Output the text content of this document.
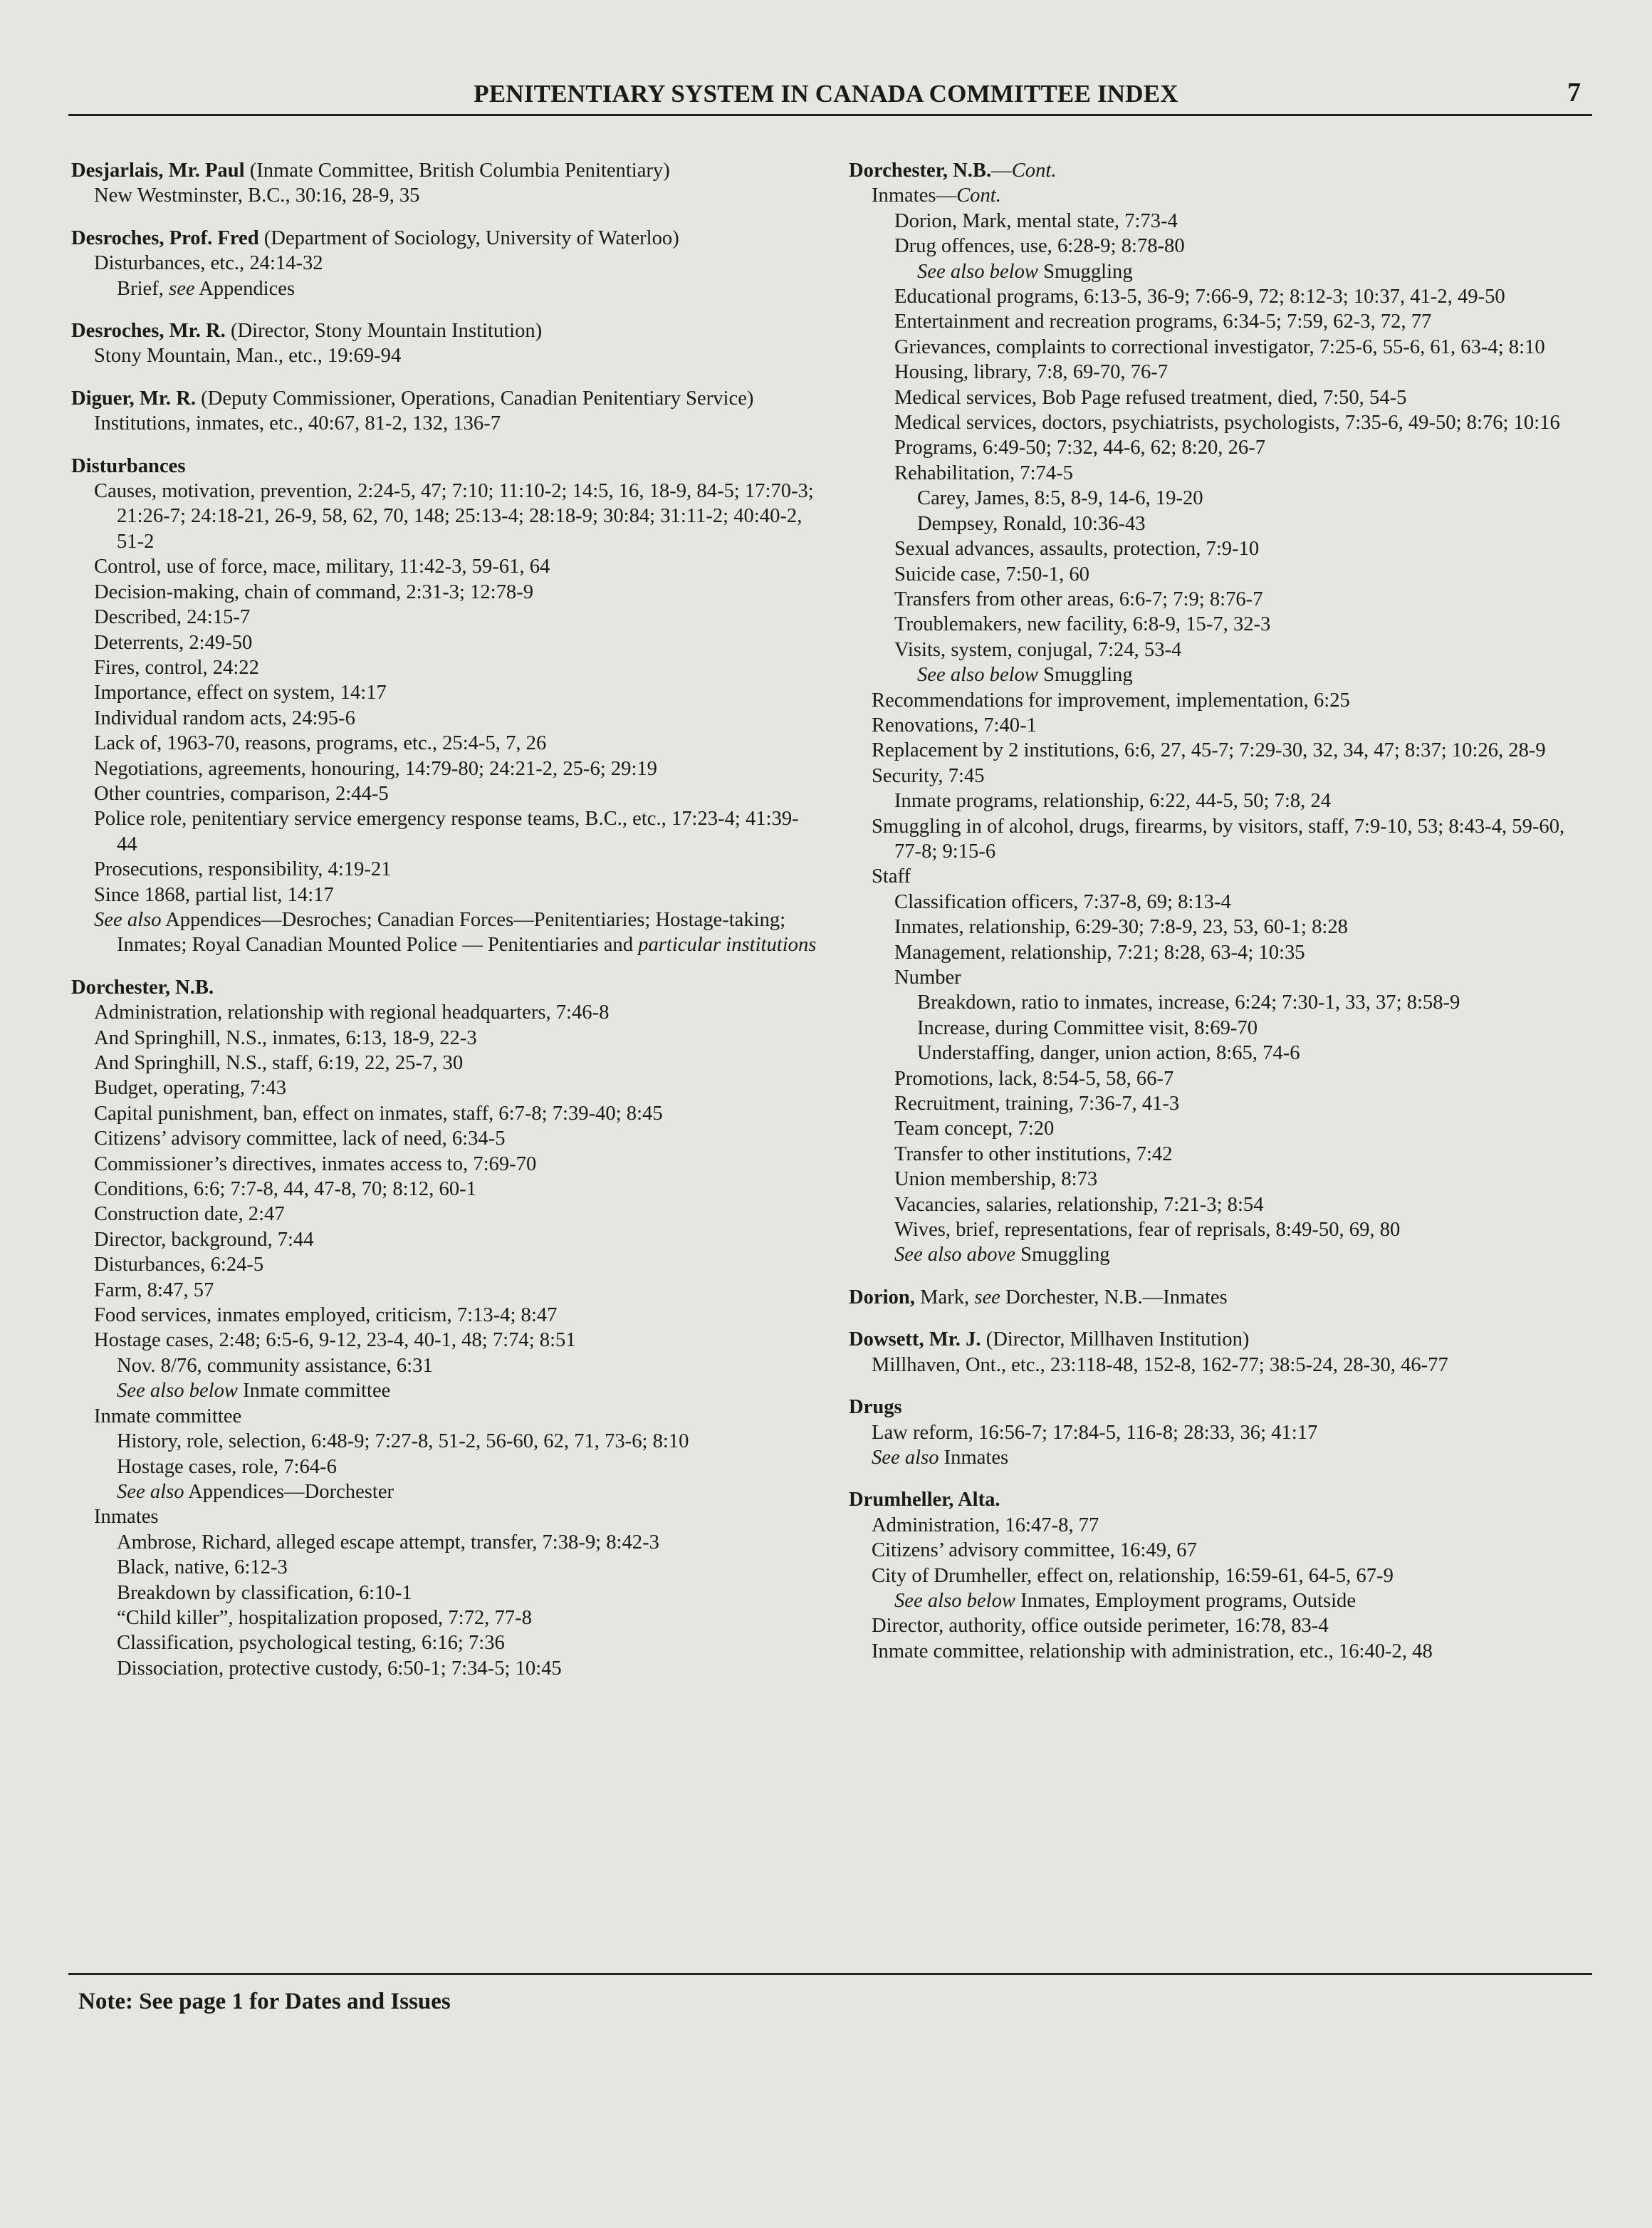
PENITENTIARY SYSTEM IN CANADA COMMITTEE INDEX	7
Desjarlais, Mr. Paul (Inmate Committee, British Columbia Penitentiary)
New Westminster, B.C., 30:16, 28-9, 35
Desroches, Prof. Fred (Department of Sociology, University of Waterloo)
Disturbances, etc., 24:14-32
Brief, see Appendices
Desroches, Mr. R. (Director, Stony Mountain Institution)
Stony Mountain, Man., etc., 19:69-94
Diguer, Mr. R. (Deputy Commissioner, Operations, Canadian Penitentiary Service)
Institutions, inmates, etc., 40:67, 81-2, 132, 136-7
Disturbances
Causes, motivation, prevention, 2:24-5, 47; 7:10; 11:10-2; 14:5, 16, 18-9, 84-5; 17:70-3; 21:26-7; 24:18-21, 26-9, 58, 62, 70, 148; 25:13-4; 28:18-9; 30:84; 31:11-2; 40:40-2, 51-2
Control, use of force, mace, military, 11:42-3, 59-61, 64
Decision-making, chain of command, 2:31-3; 12:78-9
Described, 24:15-7
Deterrents, 2:49-50
Fires, control, 24:22
Importance, effect on system, 14:17
Individual random acts, 24:95-6
Lack of, 1963-70, reasons, programs, etc., 25:4-5, 7, 26
Negotiations, agreements, honouring, 14:79-80; 24:21-2, 25-6; 29:19
Other countries, comparison, 2:44-5
Police role, penitentiary service emergency response teams, B.C., etc., 17:23-4; 41:39-44
Prosecutions, responsibility, 4:19-21
Since 1868, partial list, 14:17
See also Appendices—Desroches; Canadian Forces—Penitentiaries; Hostage-taking; Inmates; Royal Canadian Mounted Police — Penitentiaries and particular institutions
Dorchester, N.B.
Administration, relationship with regional headquarters, 7:46-8
And Springhill, N.S., inmates, 6:13, 18-9, 22-3
And Springhill, N.S., staff, 6:19, 22, 25-7, 30
Budget, operating, 7:43
Capital punishment, ban, effect on inmates, staff, 6:7-8; 7:39-40; 8:45
Citizens’ advisory committee, lack of need, 6:34-5
Commissioner’s directives, inmates access to, 7:69-70
Conditions, 6:6; 7:7-8, 44, 47-8, 70; 8:12, 60-1
Construction date, 2:47
Director, background, 7:44
Disturbances, 6:24-5
Farm, 8:47, 57
Food services, inmates employed, criticism, 7:13-4; 8:47
Hostage cases, 2:48; 6:5-6, 9-12, 23-4, 40-1, 48; 7:74; 8:51
Nov. 8/76, community assistance, 6:31
See also below Inmate committee
Inmate committee
History, role, selection, 6:48-9; 7:27-8, 51-2, 56-60, 62, 71, 73-6; 8:10
Hostage cases, role, 7:64-6
See also Appendices—Dorchester
Inmates
Ambrose, Richard, alleged escape attempt, transfer, 7:38-9; 8:42-3
Black, native, 6:12-3
Breakdown by classification, 6:10-1
“Child killer”, hospitalization proposed, 7:72, 77-8
Classification, psychological testing, 6:16; 7:36
Dissociation, protective custody, 6:50-1; 7:34-5; 10:45
Dorchester, N.B.—Cont.
Inmates—Cont.
Dorion, Mark, mental state, 7:73-4
Drug offences, use, 6:28-9; 8:78-80
See also below Smuggling
Educational programs, 6:13-5, 36-9; 7:66-9, 72; 8:12-3; 10:37, 41-2, 49-50
Entertainment and recreation programs, 6:34-5; 7:59, 62-3, 72, 77
Grievances, complaints to correctional investigator, 7:25-6, 55-6, 61, 63-4; 8:10
Housing, library, 7:8, 69-70, 76-7
Medical services, Bob Page refused treatment, died, 7:50, 54-5
Medical services, doctors, psychiatrists, psychologists, 7:35-6, 49-50; 8:76; 10:16
Programs, 6:49-50; 7:32, 44-6, 62; 8:20, 26-7
Rehabilitation, 7:74-5
Carey, James, 8:5, 8-9, 14-6, 19-20
Dempsey, Ronald, 10:36-43
Sexual advances, assaults, protection, 7:9-10
Suicide case, 7:50-1, 60
Transfers from other areas, 6:6-7; 7:9; 8:76-7
Troublemakers, new facility, 6:8-9, 15-7, 32-3
Visits, system, conjugal, 7:24, 53-4
See also below Smuggling
Recommendations for improvement, implementation, 6:25
Renovations, 7:40-1
Replacement by 2 institutions, 6:6, 27, 45-7; 7:29-30, 32, 34, 47; 8:37; 10:26, 28-9
Security, 7:45
Inmate programs, relationship, 6:22, 44-5, 50; 7:8, 24
Smuggling in of alcohol, drugs, firearms, by visitors, staff, 7:9-10, 53; 8:43-4, 59-60, 77-8; 9:15-6
Staff
Classification officers, 7:37-8, 69; 8:13-4
Inmates, relationship, 6:29-30; 7:8-9, 23, 53, 60-1; 8:28
Management, relationship, 7:21; 8:28, 63-4; 10:35
Number
Breakdown, ratio to inmates, increase, 6:24; 7:30-1, 33, 37; 8:58-9
Increase, during Committee visit, 8:69-70
Understaffing, danger, union action, 8:65, 74-6
Promotions, lack, 8:54-5, 58, 66-7
Recruitment, training, 7:36-7, 41-3
Team concept, 7:20
Transfer to other institutions, 7:42
Union membership, 8:73
Vacancies, salaries, relationship, 7:21-3; 8:54
Wives, brief, representations, fear of reprisals, 8:49-50, 69, 80
See also above Smuggling
Dorion, Mark, see Dorchester, N.B.—Inmates
Dowsett, Mr. J. (Director, Millhaven Institution)
Millhaven, Ont., etc., 23:118-48, 152-8, 162-77; 38:5-24, 28-30, 46-77
Drugs
Law reform, 16:56-7; 17:84-5, 116-8; 28:33, 36; 41:17
See also Inmates
Drumheller, Alta.
Administration, 16:47-8, 77
Citizens’ advisory committee, 16:49, 67
City of Drumheller, effect on, relationship, 16:59-61, 64-5, 67-9
See also below Inmates, Employment programs, Outside
Director, authority, office outside perimeter, 16:78, 83-4
Inmate committee, relationship with administration, etc., 16:40-2, 48
Note: See page 1 for Dates and Issues
